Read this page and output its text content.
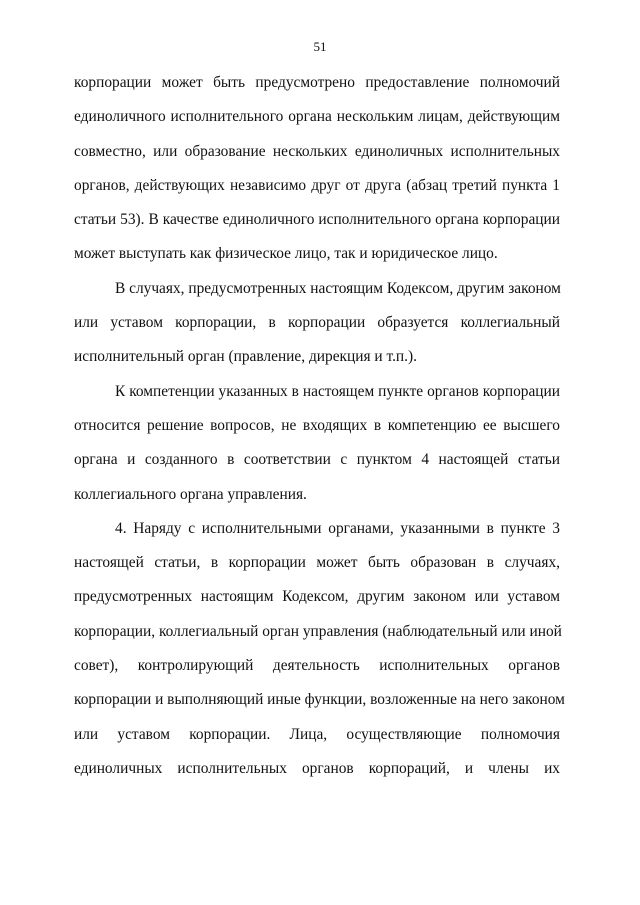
51
корпорации может быть предусмотрено предоставление полномочий
единоличного исполнительного органа нескольким лицам, действующим
совместно, или образование нескольких единоличных исполнительных
органов, действующих независимо друг от друга (абзац третий пункта 1
статьи 53). В качестве единоличного исполнительного органа корпорации
может выступать как физическое лицо, так и юридическое лицо.
В случаях, предусмотренных настоящим Кодексом, другим законом
или уставом корпорации, в корпорации образуется коллегиальный
исполнительный орган (правление, дирекция и т.п.).
К компетенции указанных в настоящем пункте органов корпорации
относится решение вопросов, не входящих в компетенцию ее высшего
органа и созданного в соответствии с пунктом 4 настоящей статьи
коллегиального органа управления.
4. Наряду с исполнительными органами, указанными в пункте 3
настоящей статьи, в корпорации может быть образован в случаях,
предусмотренных настоящим Кодексом, другим законом или уставом
корпорации, коллегиальный орган управления (наблюдательный или иной
совет), контролирующий деятельность исполнительных органов
корпорации и выполняющий иные функции, возложенные на него законом
или уставом корпорации. Лица, осуществляющие полномочия
единоличных исполнительных органов корпораций, и члены их
